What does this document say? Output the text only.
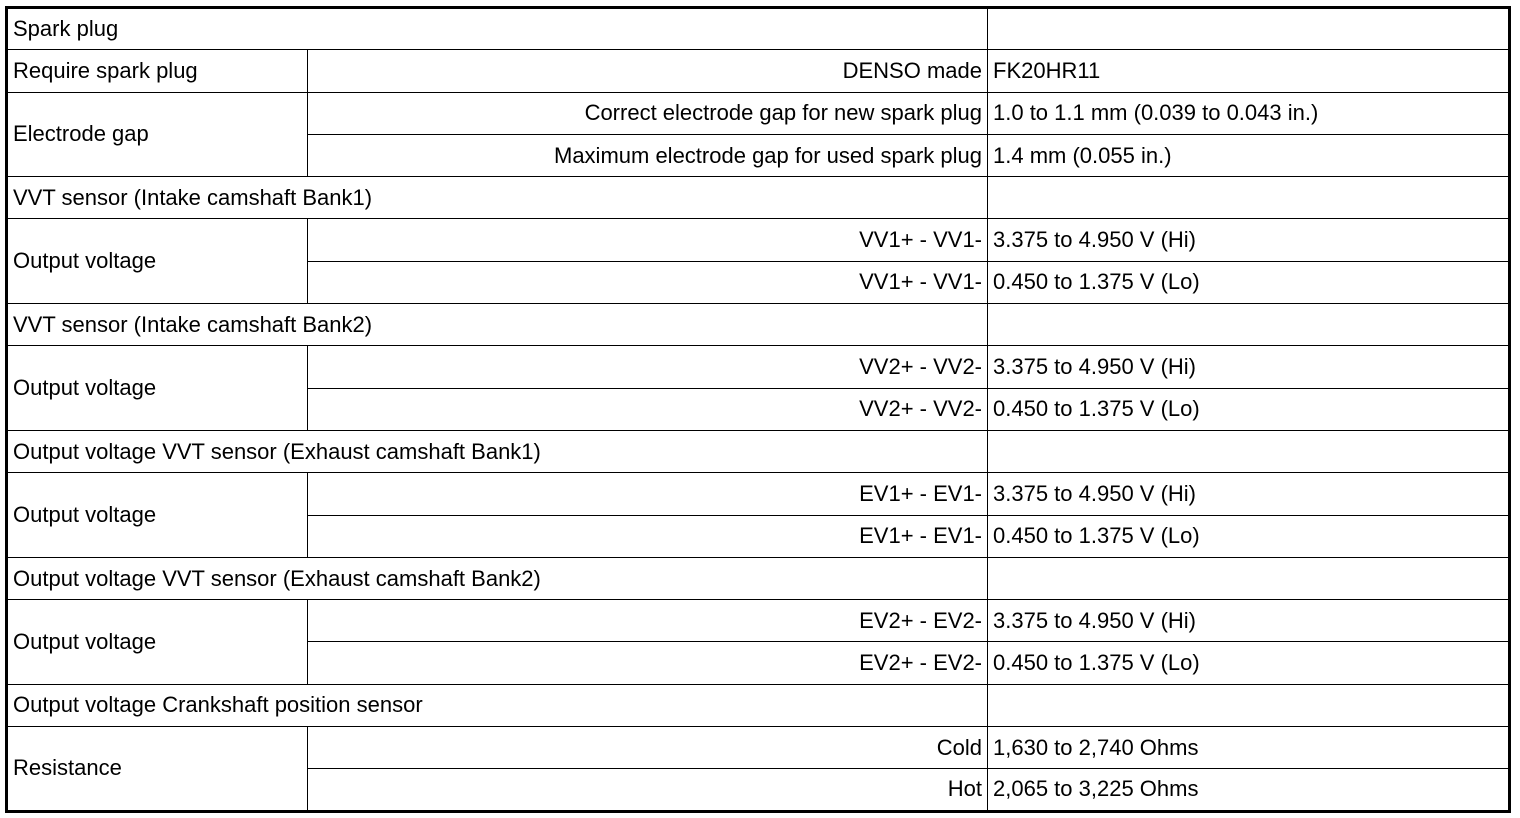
Spark plug		
Require spark plug	DENSO made	FK20HR11
Electrode gap	Correct electrode gap for new spark plug	1.0 to 1.1 mm (0.039 to 0.043 in.)
	Maximum electrode gap for used spark plug	1.4 mm (0.055 in.)
VVT sensor (Intake camshaft Bank1)		
Output voltage	VV1+ - VV1-	3.375 to 4.950 V (Hi)
	VV1+ - VV1-	0.450 to 1.375 V (Lo)
VVT sensor (Intake camshaft Bank2)		
Output voltage	VV2+ - VV2-	3.375 to 4.950 V (Hi)
	VV2+ - VV2-	0.450 to 1.375 V (Lo)
Output voltage VVT sensor (Exhaust camshaft Bank1)		
Output voltage	EV1+ - EV1-	3.375 to 4.950 V (Hi)
	EV1+ - EV1-	0.450 to 1.375 V (Lo)
Output voltage VVT sensor (Exhaust camshaft Bank2)		
Output voltage	EV2+ - EV2-	3.375 to 4.950 V (Hi)
	EV2+ - EV2-	0.450 to 1.375 V (Lo)
Output voltage Crankshaft position sensor		
Resistance	Cold	1,630 to 2,740 Ohms
	Hot	2,065 to 3,225 Ohms
